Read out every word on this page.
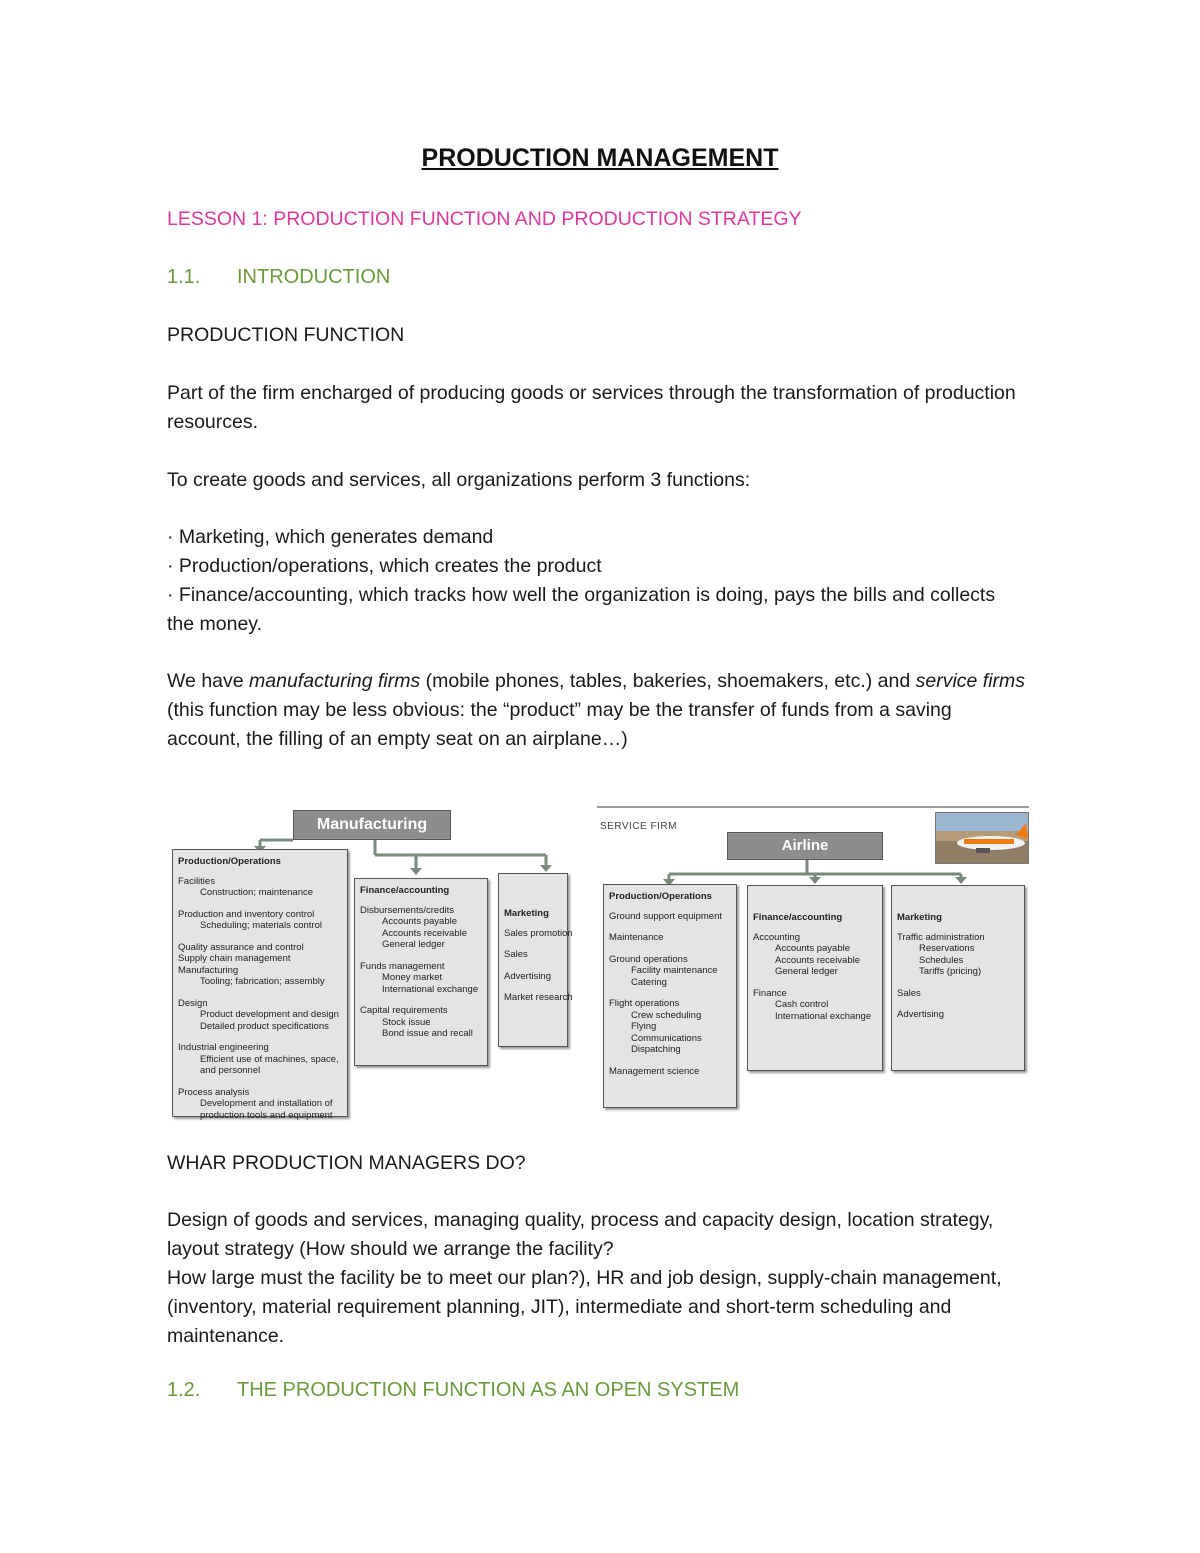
PRODUCTION MANAGEMENT
LESSON 1: PRODUCTION FUNCTION AND PRODUCTION STRATEGY
1.1. INTRODUCTION
PRODUCTION FUNCTION
Part of the firm encharged of producing goods or services through the transformation of production resources.
To create goods and services, all organizations perform 3 functions:
· Marketing, which generates demand
· Production/operations, which creates the product
· Finance/accounting, which tracks how well the organization is doing, pays the bills and collects the money.
We have manufacturing firms (mobile phones, tables, bakeries, shoemakers, etc.) and service firms (this function may be less obvious: the “product” may be the transfer of funds from a saving account, the filling of an empty seat on an airplane…)
Manufacturing
Production/Operations
Facilities
Construction; maintenance
Production and inventory control
Scheduling; materials control
Quality assurance and control
Supply chain management
Manufacturing
Tooling; fabrication; assembly
Design
Product development and design
Detailed product specifications
Industrial engineering
Efficient use of machines, space,
and personnel
Process analysis
Development and installation of
production tools and equipment
Finance/accounting
Disbursements/credits
Accounts payable
Accounts receivable
General ledger
Funds management
Money market
International exchange
Capital requirements
Stock issue
Bond issue and recall
Marketing
Sales promotion
Sales
Advertising
Market research
SERVICE FIRM
Airline
Production/Operations
Ground support equipment
Maintenance
Ground operations
Facility maintenance
Catering
Flight operations
Crew scheduling
Flying
Communications
Dispatching
Management science
Finance/accounting
Accounting
Accounts payable
Accounts receivable
General ledger
Finance
Cash control
International exchange
Marketing
Traffic administration
Reservations
Schedules
Tariffs (pricing)
Sales
Advertising
WHAR PRODUCTION MANAGERS DO?
Design of goods and services, managing quality, process and capacity design, location strategy, layout strategy (How should we arrange the facility?
How large must the facility be to meet our plan?), HR and job design, supply-chain management, (inventory, material requirement planning, JIT), intermediate and short-term scheduling and maintenance.
1.2. THE PRODUCTION FUNCTION AS AN OPEN SYSTEM
